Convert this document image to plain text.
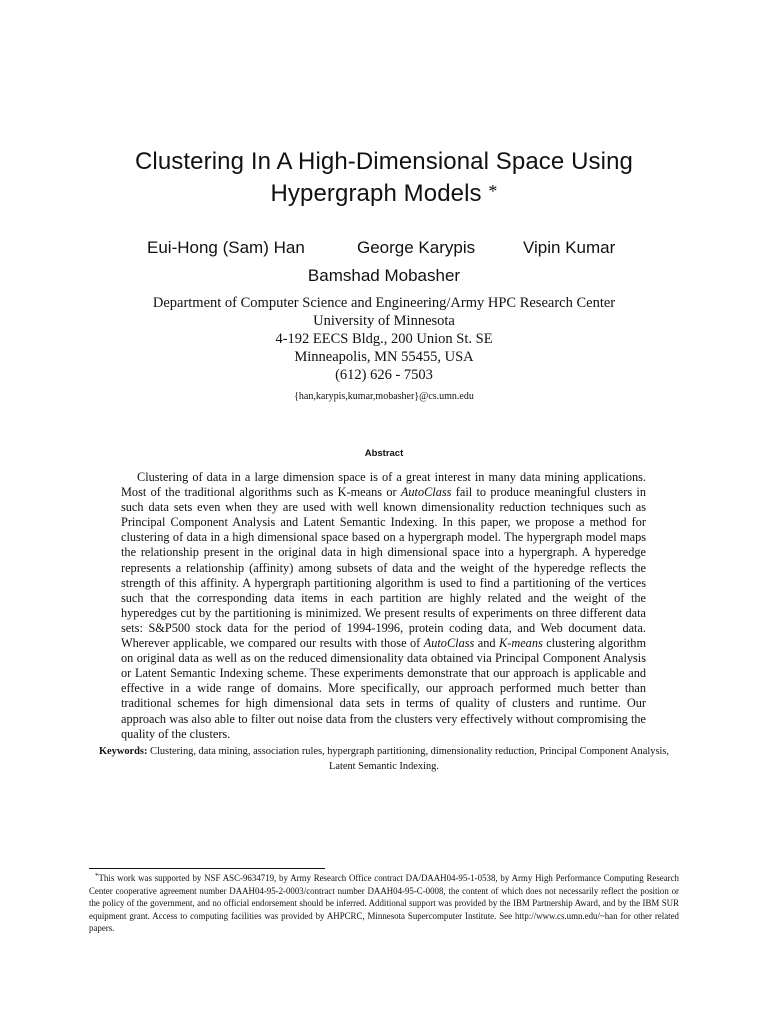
Clustering In A High-Dimensional Space Using
Hypergraph Models *
Eui-Hong (Sam) Han	George Karypis	Vipin Kumar
Bamshad Mobasher
Department of Computer Science and Engineering/Army HPC Research Center
University of Minnesota
4-192 EECS Bldg., 200 Union St. SE
Minneapolis, MN 55455, USA
(612) 626 - 7503
{han,karypis,kumar,mobasher}@cs.umn.edu
Abstract

Clustering of data in a large dimension space is of a great interest in many data mining applications. Most of the traditional algorithms such as K-means or AutoClass fail to produce meaningful clusters in such data sets even when they are used with well known dimensionality reduction techniques such as Principal Component Analysis and Latent Semantic Indexing. In this paper, we propose a method for clustering of data in a high dimensional space based on a hypergraph model. The hypergraph model maps the relationship present in the original data in high dimensional space into a hypergraph. A hyperedge represents a relationship (affinity) among subsets of data and the weight of the hyperedge reflects the strength of this affinity. A hypergraph partitioning algorithm is used to find a partitioning of the vertices such that the corresponding data items in each partition are highly related and the weight of the hyperedges cut by the partitioning is minimized. We present results of experiments on three different data sets: S&P500 stock data for the period of 1994-1996, protein coding data, and Web document data. Wherever applicable, we compared our results with those of AutoClass and K-means clustering algorithm on original data as well as on the reduced dimensionality data obtained via Principal Component Analysis or Latent Semantic Indexing scheme. These experiments demonstrate that our approach is applicable and effective in a wide range of domains. More specifically, our approach performed much better than traditional schemes for high dimensional data sets in terms of quality of clusters and runtime. Our approach was also able to filter out noise data from the clusters very effectively without compromising the quality of the clusters.

Keywords: Clustering, data mining, association rules, hypergraph partitioning, dimensionality reduction, Principal Component Analysis, Latent Semantic Indexing.
*This work was supported by NSF ASC-9634719, by Army Research Office contract DA/DAAH04-95-1-0538, by Army High Performance Computing Research Center cooperative agreement number DAAH04-95-2-0003/contract number DAAH04-95-C-0008, the content of which does not necessarily reflect the position or the policy of the government, and no official endorsement should be inferred. Additional support was provided by the IBM Partnership Award, and by the IBM SUR equipment grant. Access to computing facilities was provided by AHPCRC, Minnesota Supercomputer Institute. See http://www.cs.umn.edu/~han for other related papers.
